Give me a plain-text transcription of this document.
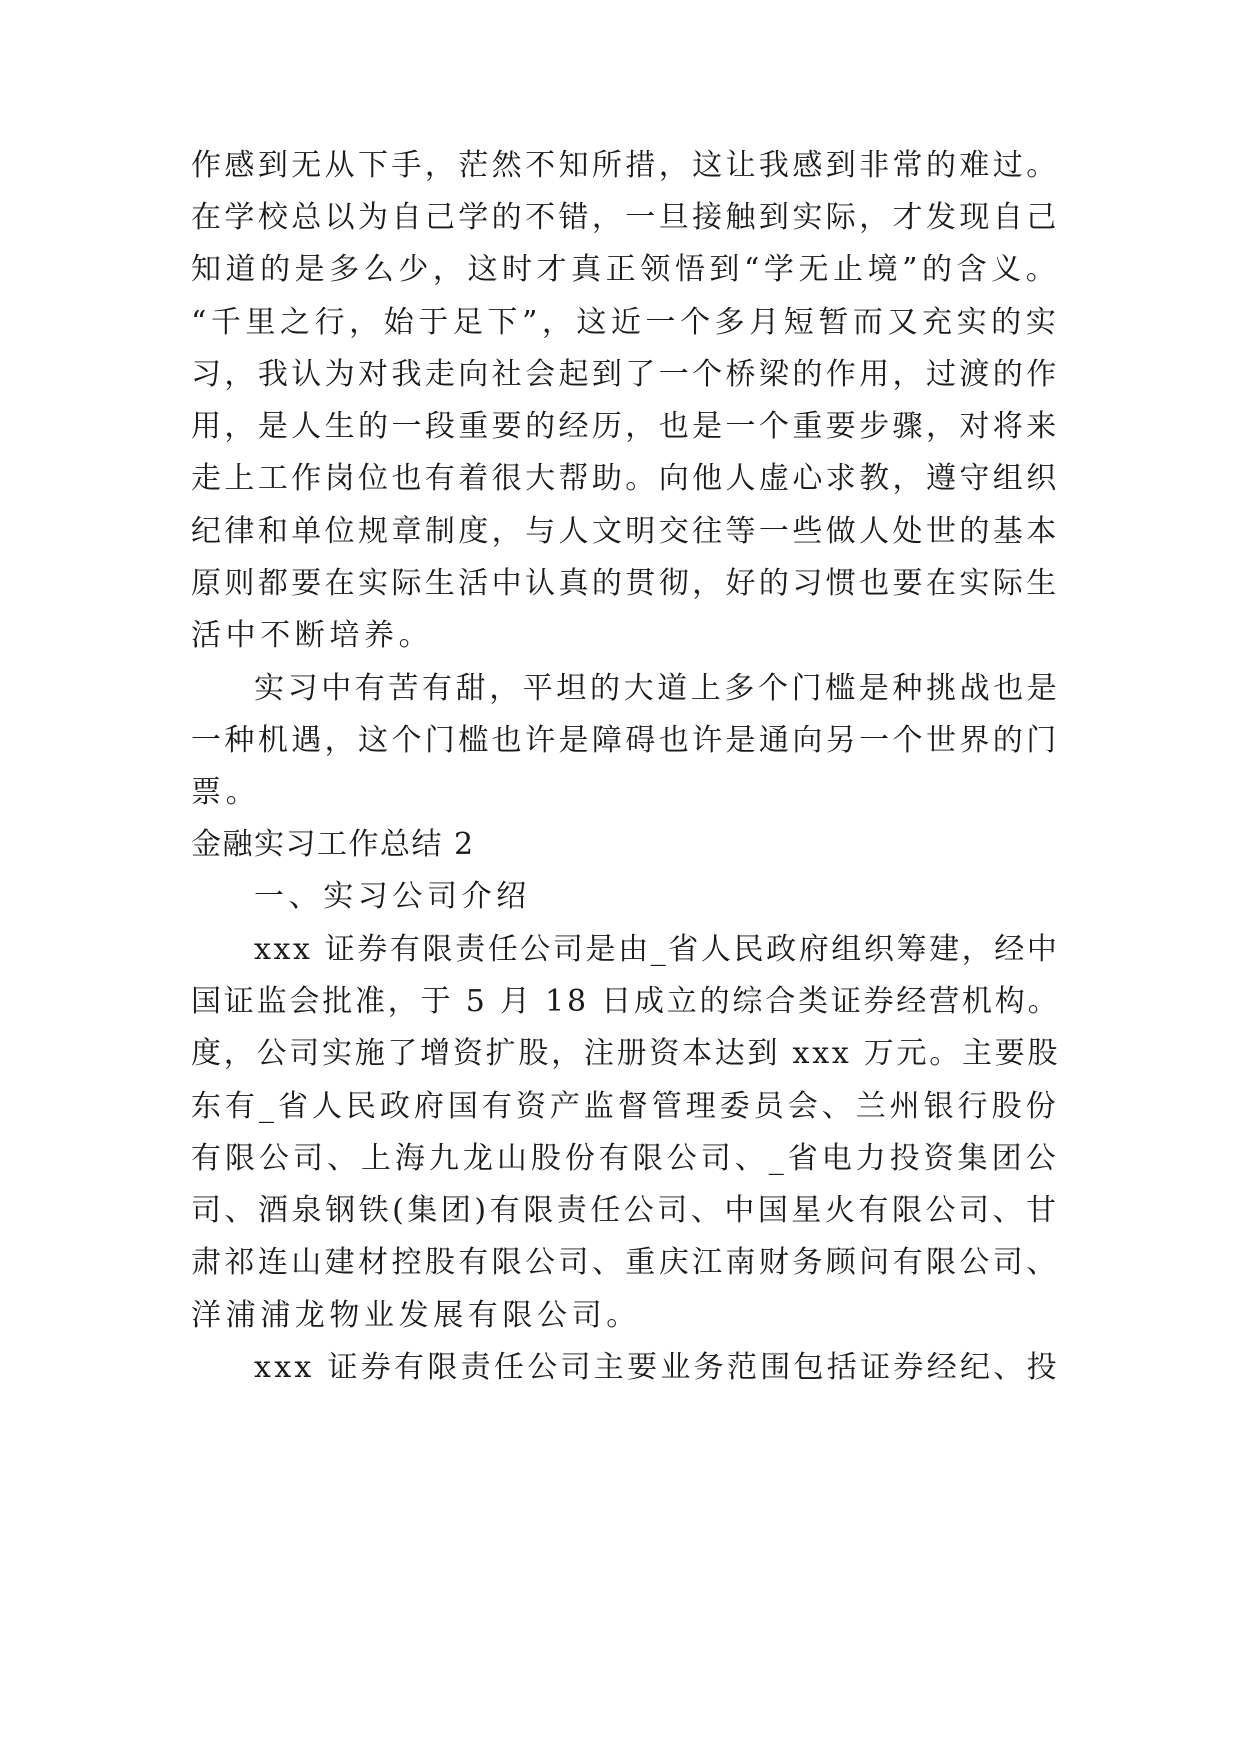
作感到无从下手，茫然不知所措，这让我感到非常的难过。
在学校总以为自己学的不错，一旦接触到实际，才发现自己
知道的是多么少，这时才真正领悟到“学无止境”的含义。
“千里之行，始于足下”，这近一个多月短暂而又充实的实
习，我认为对我走向社会起到了一个桥梁的作用，过渡的作
用，是人生的一段重要的经历，也是一个重要步骤，对将来
走上工作岗位也有着很大帮助。向他人虚心求教，遵守组织
纪律和单位规章制度，与人文明交往等一些做人处世的基本
原则都要在实际生活中认真的贯彻，好的习惯也要在实际生
活中不断培养。
实习中有苦有甜，平坦的大道上多个门槛是种挑战也是
一种机遇，这个门槛也许是障碍也许是通向另一个世界的门
票。
金融实习工作总结 2
一、实习公司介绍
xxx 证券有限责任公司是由_省人民政府组织筹建，经中
国证监会批准，于 5 月 18 日成立的综合类证券经营机构。
度，公司实施了增资扩股，注册资本达到 xxx 万元。主要股
东有_省人民政府国有资产监督管理委员会、兰州银行股份
有限公司、上海九龙山股份有限公司、_省电力投资集团公
司、酒泉钢铁(集团)有限责任公司、中国星火有限公司、甘
肃祁连山建材控股有限公司、重庆江南财务顾问有限公司、
洋浦浦龙物业发展有限公司。
xxx 证券有限责任公司主要业务范围包括证券经纪、投
